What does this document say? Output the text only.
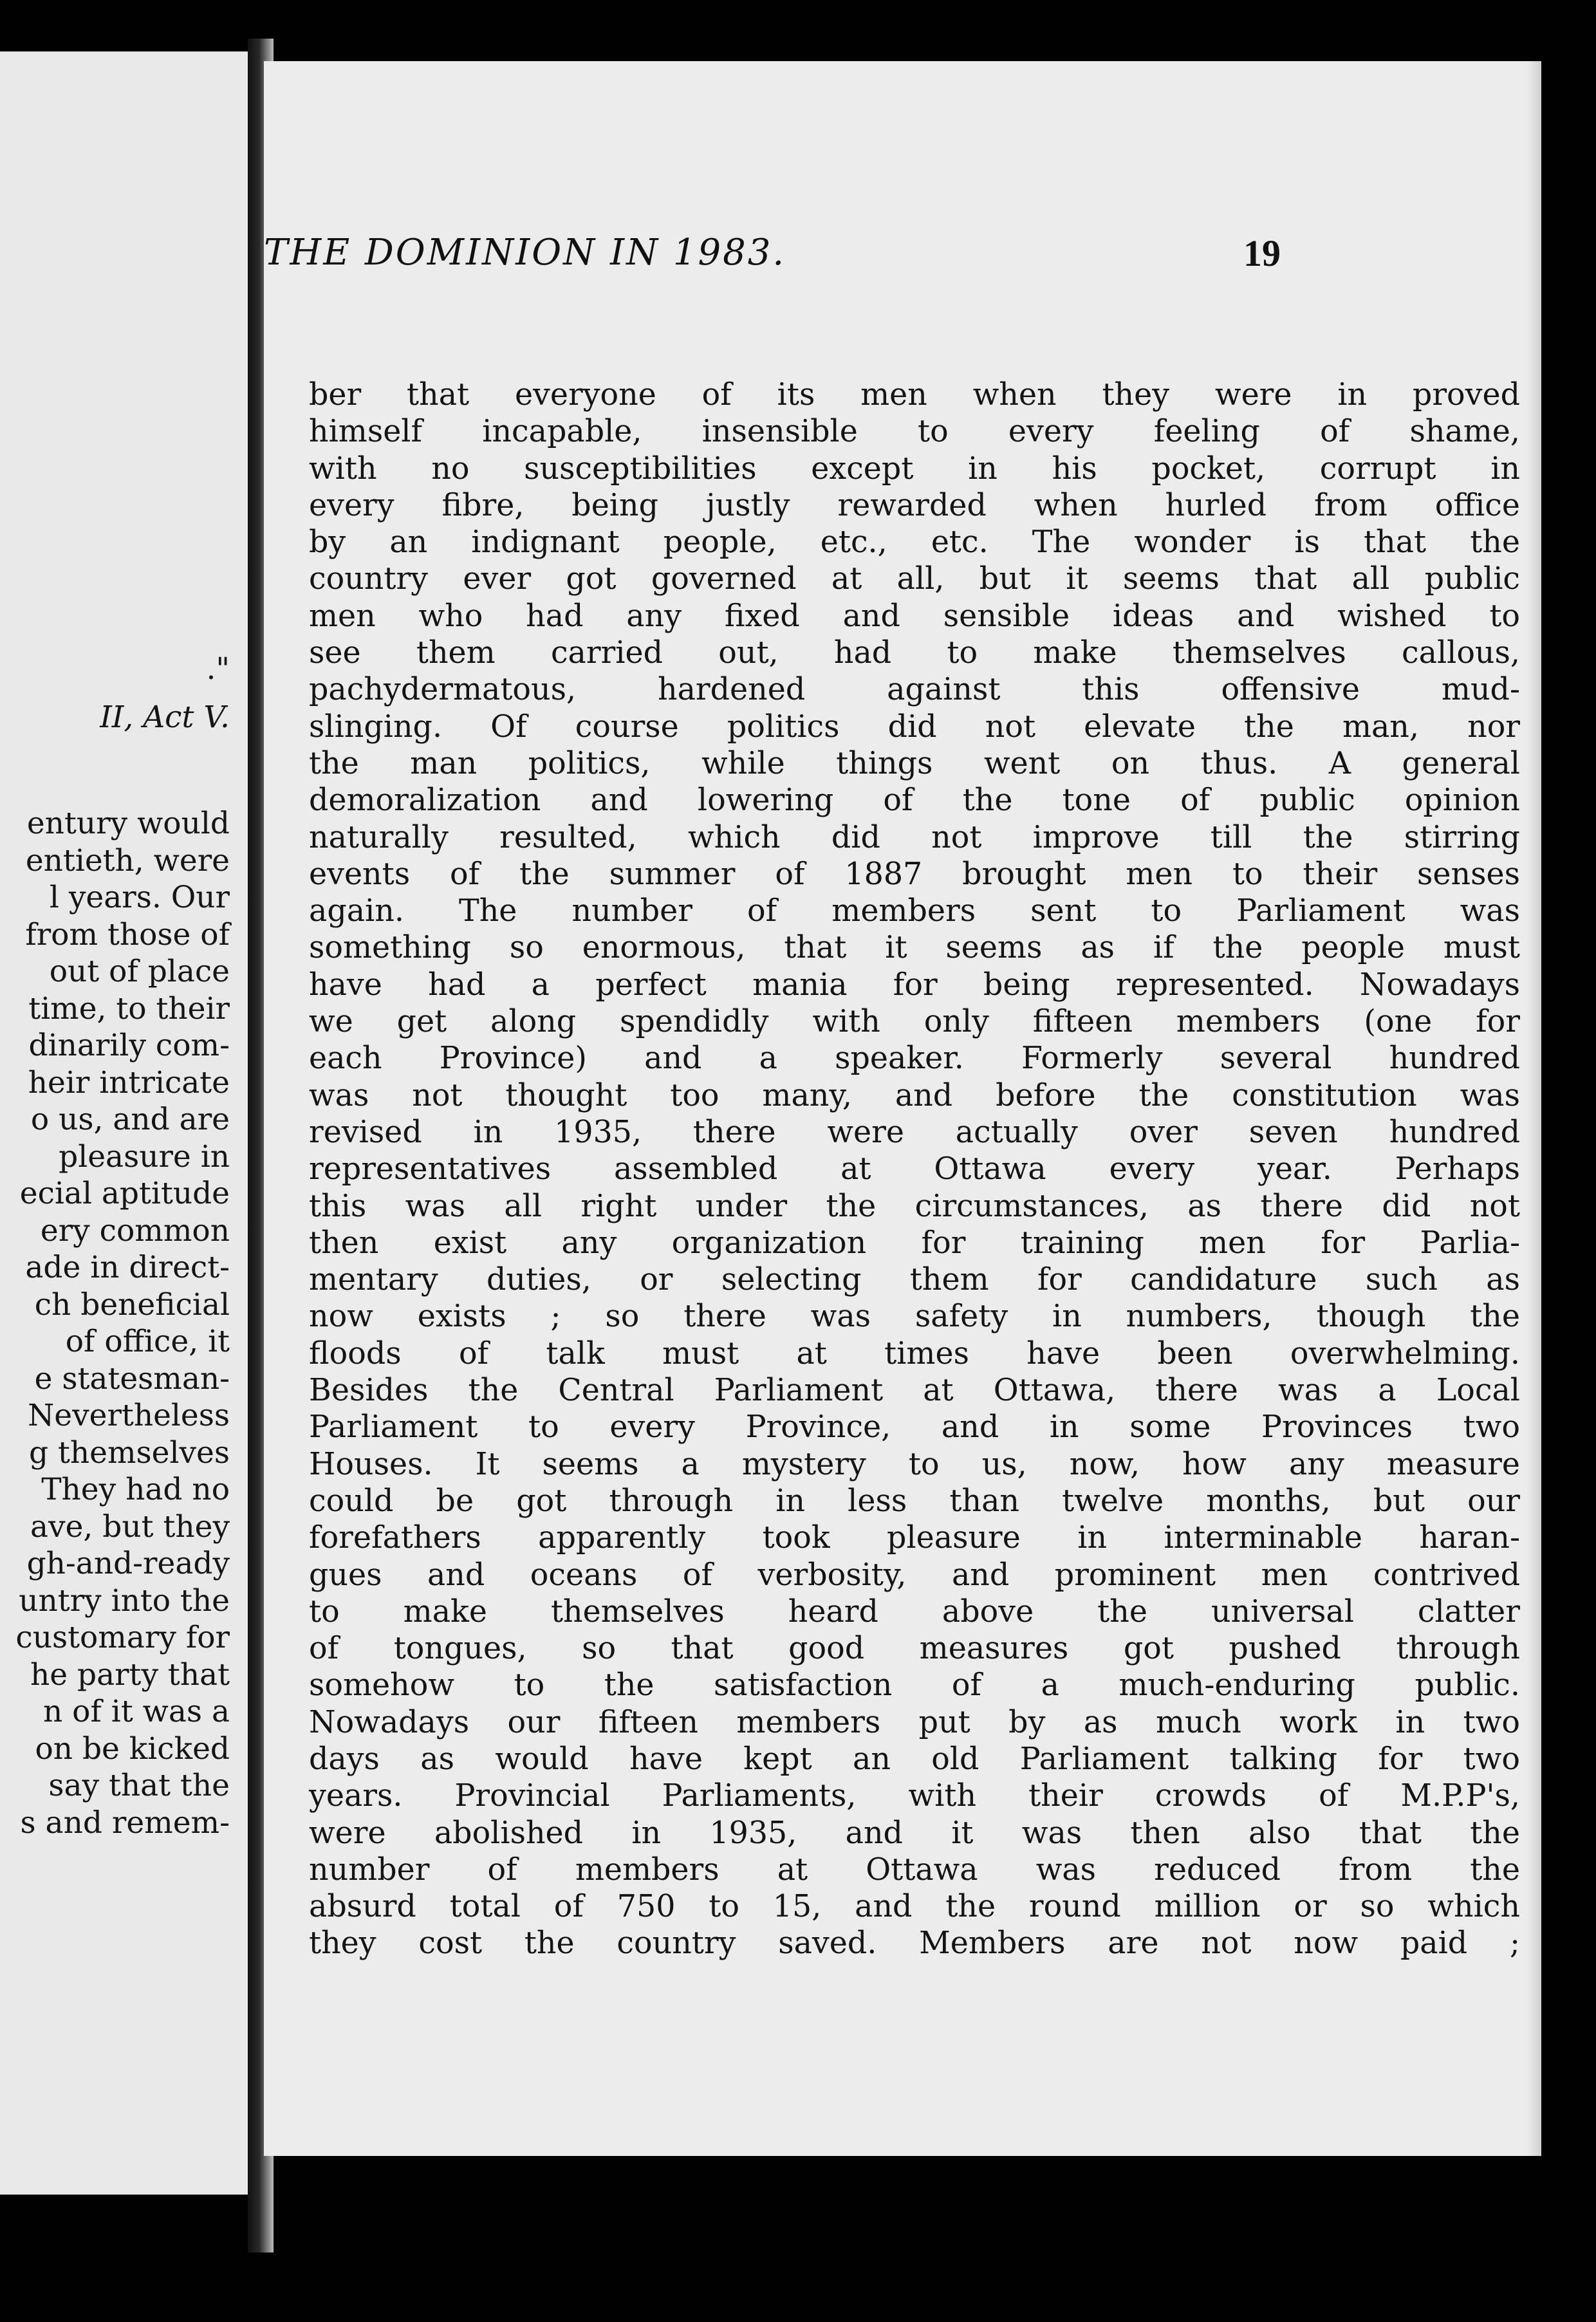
."
II, Act V.
entury would
entieth, were
l years. Our
from those of
out of place
time, to their
dinarily com-
heir intricate
o us, and are
pleasure in
ecial aptitude
ery common
ade in direct-
ch beneficial
of office, it
e statesman-
Nevertheless
g themselves
They had no
ave, but they
gh-and-ready
untry into the
customary for
he party that
n of it was a
on be kicked
say that the
s and remem-
ber that everyone of its men when they were in proved
himself incapable, insensible to every feeling of shame,
with no susceptibilities except in his pocket, corrupt in
every fibre, being justly rewarded when hurled from office
by an indignant people, etc., etc. The wonder is that the
country ever got governed at all, but it seems that all public
men who had any fixed and sensible ideas and wished to
see them carried out, had to make themselves callous,
pachydermatous, hardened against this offensive mud-
slinging. Of course politics did not elevate the man, nor
the man politics, while things went on thus. A general
demoralization and lowering of the tone of public opinion
naturally resulted, which did not improve till the stirring
events of the summer of 1887 brought men to their senses
again. The number of members sent to Parliament was
something so enormous, that it seems as if the people must
have had a perfect mania for being represented. Nowadays
we get along spendidly with only fifteen members (one for
each Province) and a speaker. Formerly several hundred
was not thought too many, and before the constitution was
revised in 1935, there were actually over seven hundred
representatives assembled at Ottawa every year. Perhaps
this was all right under the circumstances, as there did not
then exist any organization for training men for Parlia-
mentary duties, or selecting them for candidature such as
now exists ; so there was safety in numbers, though the
floods of talk must at times have been overwhelming.
Besides the Central Parliament at Ottawa, there was a Local
Parliament to every Province, and in some Provinces two
Houses. It seems a mystery to us, now, how any measure
could be got through in less than twelve months, but our
forefathers apparently took pleasure in interminable haran-
gues and oceans of verbosity, and prominent men contrived
to make themselves heard above the universal clatter
of tongues, so that good measures got pushed through
somehow to the satisfaction of a much-enduring public.
Nowadays our fifteen members put by as much work in two
days as would have kept an old Parliament talking for two
years. Provincial Parliaments, with their crowds of M.P.P's,
were abolished in 1935, and it was then also that the
number of members at Ottawa was reduced from the
absurd total of 750 to 15, and the round million or so which
they cost the country saved. Members are not now paid ;
THE DOMINION IN 1983.	19
